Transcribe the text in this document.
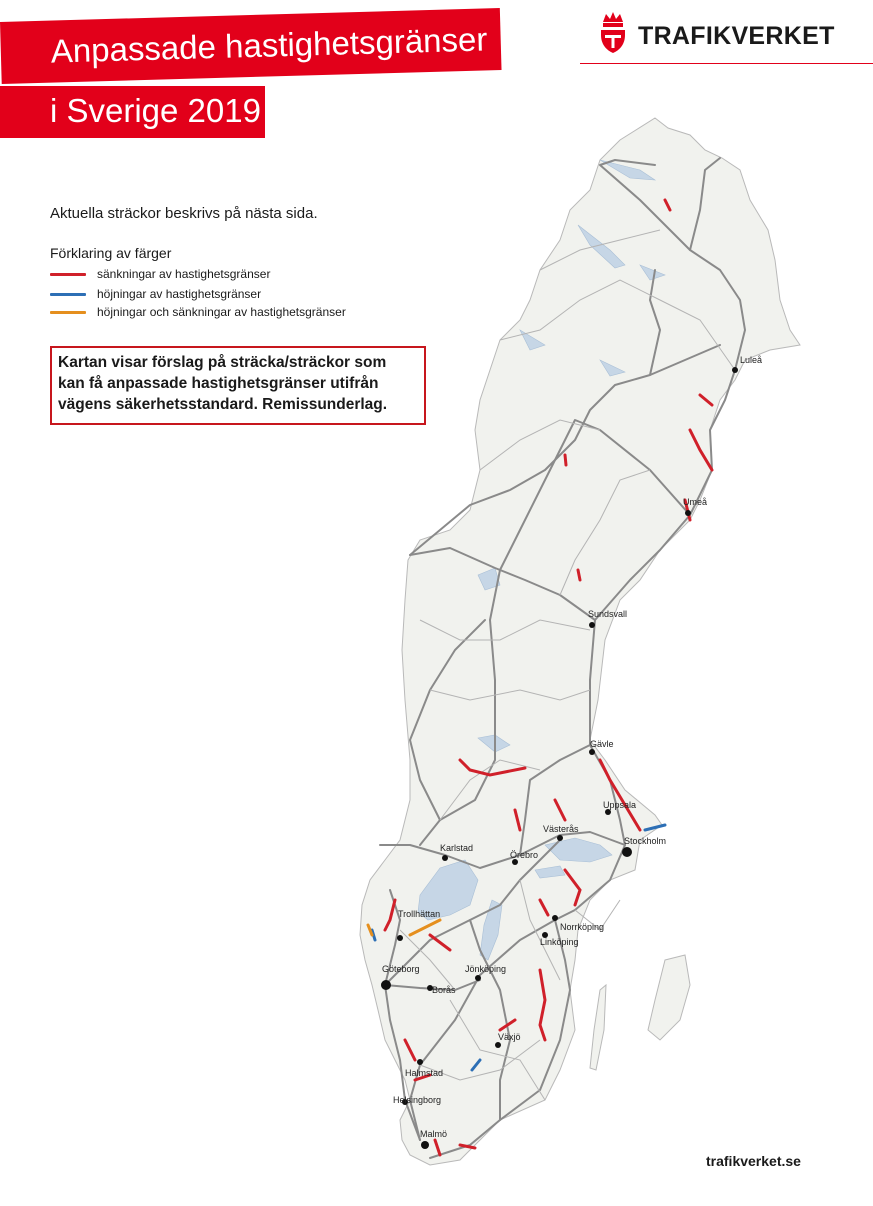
Anpassade hastighetsgränser
i Sverige 2019
TRAFIKVERKET
Aktuella sträckor beskrivs på nästa sida.
Förklaring av färger
sänkningar av hastighetsgränser
höjningar av hastighetsgränser
höjningar och sänkningar av hastighetsgränser
Kartan visar förslag på sträcka/sträckor som
kan få anpassade hastighetsgränser utifrån
vägens säkerhetsstandard. Remissunderlag.
Luleå
Umeå
Sundsvall
Gävle
Uppsala
Västerås
Stockholm
Karlstad
Örebro
Trollhättan
Norrköping
Linköping
Göteborg	Jönköping
Borås
Växjö
Halmstad
Helsingborg
Malmö
trafikverket.se
